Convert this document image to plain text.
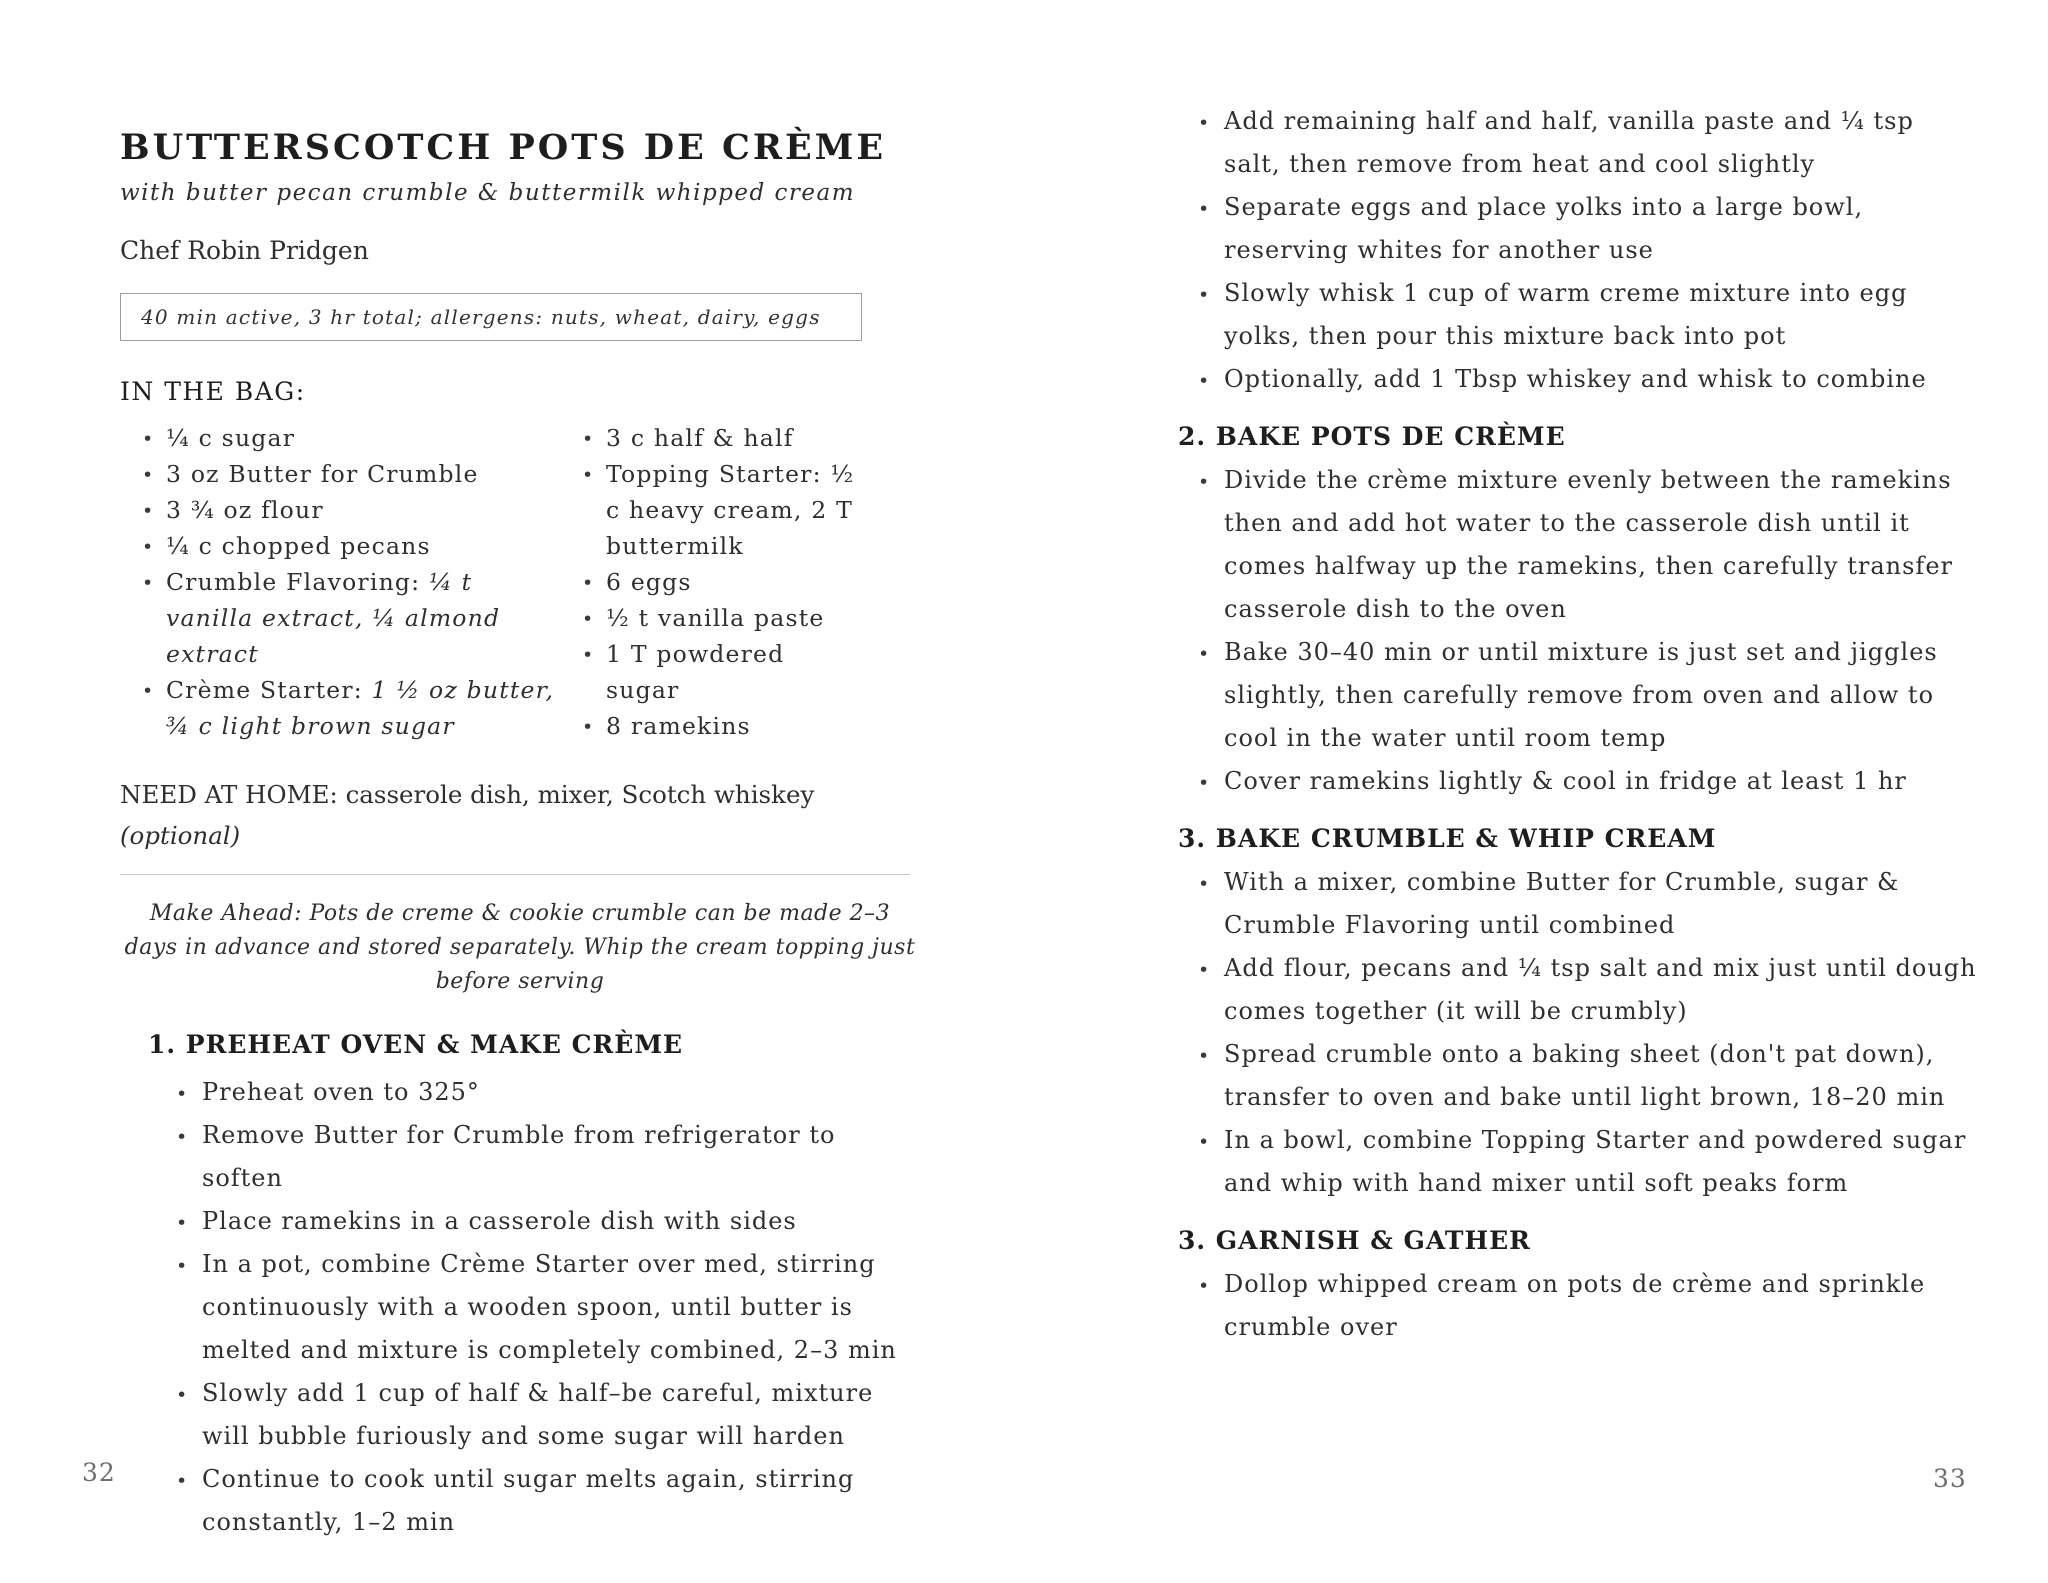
BUTTERSCOTCH POTS DE CRÈME
with butter pecan crumble & buttermilk whipped cream
Chef Robin Pridgen
40 min active, 3 hr total; allergens: nuts, wheat, dairy, eggs
IN THE BAG:
• ¼ c sugar
• 3 oz Butter for Crumble
• 3 ¾ oz flour
• ¼ c chopped pecans
• Crumble Flavoring: ¼ t vanilla extract, ¼ almond extract
• Crème Starter: 1 ½ oz butter, ¾ c light brown sugar
• 3 c half & half
• Topping Starter: ½ c heavy cream, 2 T buttermilk
• 6 eggs
• ½ t vanilla paste
• 1 T powdered sugar
• 8 ramekins
NEED AT HOME: casserole dish, mixer, Scotch whiskey (optional)
Make Ahead: Pots de creme & cookie crumble can be made 2–3 days in advance and stored separately. Whip the cream topping just before serving
1. PREHEAT OVEN & MAKE CRÈME
• Preheat oven to 325°
• Remove Butter for Crumble from refrigerator to soften
• Place ramekins in a casserole dish with sides
• In a pot, combine Crème Starter over med, stirring continuously with a wooden spoon, until butter is melted and mixture is completely combined, 2–3 min
• Slowly add 1 cup of half & half–be careful, mixture will bubble furiously and some sugar will harden
• Continue to cook until sugar melts again, stirring constantly, 1–2 min
• Add remaining half and half, vanilla paste and ¼ tsp salt, then remove from heat and cool slightly
• Separate eggs and place yolks into a large bowl, reserving whites for another use
• Slowly whisk 1 cup of warm creme mixture into egg yolks, then pour this mixture back into pot
• Optionally, add 1 Tbsp whiskey and whisk to combine
2. BAKE POTS DE CRÈME
• Divide the crème mixture evenly between the ramekins then and add hot water to the casserole dish until it comes halfway up the ramekins, then carefully transfer casserole dish to the oven
• Bake 30–40 min or until mixture is just set and jiggles slightly, then carefully remove from oven and allow to cool in the water until room temp
• Cover ramekins lightly & cool in fridge at least 1 hr
3. BAKE CRUMBLE & WHIP CREAM
• With a mixer, combine Butter for Crumble, sugar & Crumble Flavoring until combined
• Add flour, pecans and ¼ tsp salt and mix just until dough comes together (it will be crumbly)
• Spread crumble onto a baking sheet (don't pat down), transfer to oven and bake until light brown, 18–20 min
• In a bowl, combine Topping Starter and powdered sugar and whip with hand mixer until soft peaks form
3. GARNISH & GATHER
• Dollop whipped cream on pots de crème and sprinkle crumble over
32	33
